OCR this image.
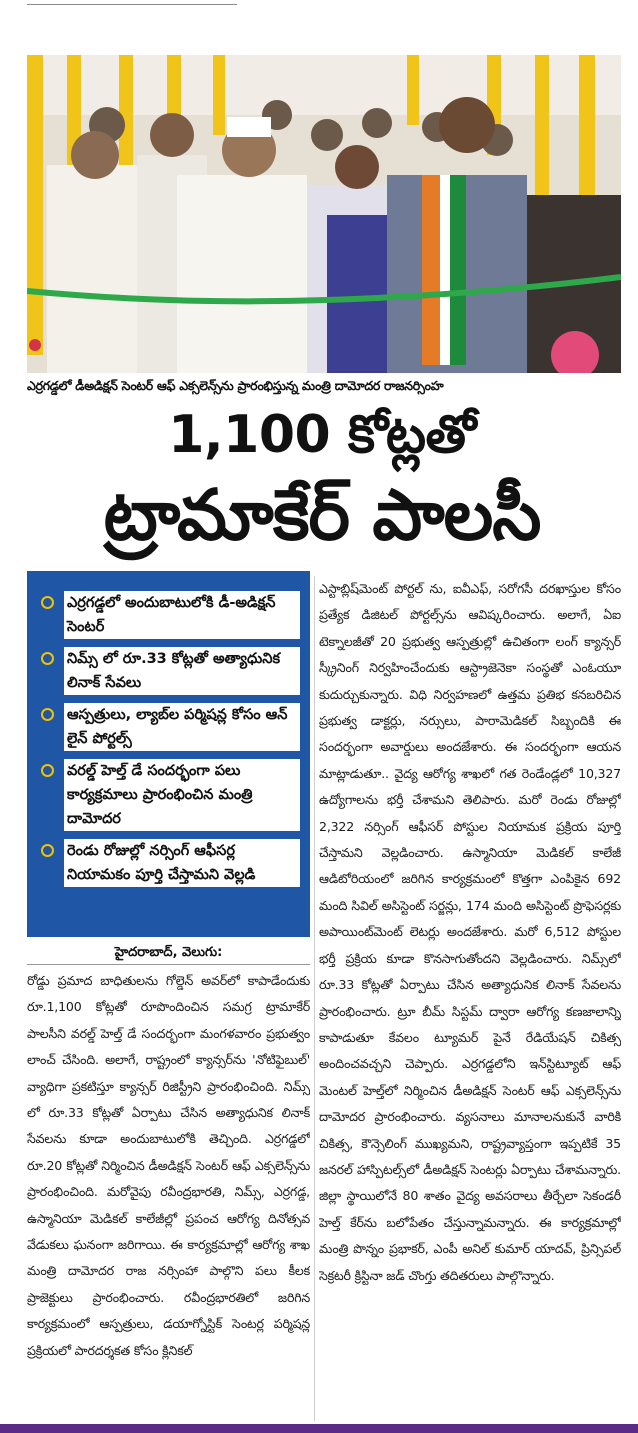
ఎర్రగడ్డలో డీఅడిక్షన్ సెంటర్ ఆఫ్ ఎక్సలెన్స్​ను ప్రారంభిస్తున్న మంత్రి దామోదర రాజనర్సింహ
1,100 కోట్లతో
ట్రామాకేర్ పాలసీ
ఎర్రగడ్డలో అందుబాటులోకి డీ-అడిక్షన్ సెంటర్
నిమ్స్ లో రూ.33 కోట్లతో అత్యాధునిక లినాక్ సేవలు
ఆస్పత్రులు, ల్యాబ్​ల పర్మిషన్ల కోసం ఆన్​లైన్ పోర్టల్స్
వరల్డ్ హెల్త్ డే సందర్భంగా పలు కార్యక్రమాలు ప్రారంభించిన మంత్రి దామోదర
రెండు రోజుల్లో నర్సింగ్ ఆఫీసర్ల నియామకం పూర్తి చేస్తామని వెల్లడి
హైదరాబాద్, వెలుగు:
రోడ్డు ప్రమాద బాధితులను గోల్డెన్ అవర్​లో కాపాడేందుకు రూ.1,100 కోట్లతో రూపొందించిన సమగ్ర ట్రామాకేర్ పాలసీని వరల్డ్ హెల్త్ డే సందర్భంగా మంగళవారం ప్రభుత్వం లాంచ్ చేసింది. అలాగే, రాష్ట్రంలో క్యాన్సర్​ను 'నోటిఫైబుల్' వ్యాధిగా ప్రకటిస్తూ క్యాన్సర్ రిజిస్ట్రీని ప్రారంభించింది. నిమ్స్​లో రూ.33 కోట్లతో ఏర్పాటు చేసిన అత్యాధునిక లినాక్ సేవలను కూడా అందుబాటులోకి తెచ్చింది. ఎర్రగడ్డలో రూ.20 కోట్లతో నిర్మించిన డీఅడిక్షన్ సెంటర్ ఆఫ్ ఎక్సలెన్స్​ను ప్రారంభించింది. మరోవైపు రవీంద్రభారతి, నిమ్స్, ఎర్రగడ్డ, ఉస్మానియా మెడికల్ కాలేజీల్లో ప్రపంచ ఆరోగ్య దినోత్సవ వేడుకలు ఘనంగా జరిగాయి. ఈ కార్యక్రమాల్లో ఆరోగ్య శాఖ మంత్రి దామోదర రాజ నర్సింహా పాల్గొని పలు కీలక ప్రాజెక్టులు ప్రారంభించారు. రవీంద్రభారతిలో జరిగిన కార్యక్రమంలో ఆస్పత్రులు, డయాగ్నోస్టిక్ సెంటర్ల పర్మిషన్ల ప్రక్రియలో పారదర్శకత కోసం క్లినికల్
ఎస్టాబ్లిష్​మెంట్ పోర్టల్ ను, ఐవీఎఫ్, సరోగసీ దరఖాస్తుల కోసం ప్రత్యేక డిజిటల్ పోర్టల్స్​ను ఆవిష్కరించారు. అలాగే, ఏఐ టెక్నాలజీతో 20 ప్రభుత్వ ఆస్పత్రుల్లో ఉచితంగా లంగ్ క్యాన్సర్ స్క్రీనింగ్ నిర్వహించేందుకు ఆస్ట్రాజెనెకా సంస్థతో ఎంఓయూ కుదుర్చుకున్నారు. విధి నిర్వహణలో ఉత్తమ ప్రతిభ కనబరిచిన ప్రభుత్వ డాక్టర్లు, నర్సులు, పారామెడికల్ సిబ్బందికి ఈ సందర్భంగా అవార్డులు అందజేశారు. ఈ సందర్భంగా ఆయన మాట్లాడుతూ.. వైద్య ఆరోగ్య శాఖలో గత రెండేండ్లలో 10,327 ఉద్యోగాలను భర్తీ చేశామని తెలిపారు. మరో రెండు రోజుల్లో 2,322 నర్సింగ్ ఆఫీసర్ పోస్టుల నియామక ప్రక్రియ పూర్తి చేస్తామని వెల్లడించారు. ఉస్మానియా మెడికల్ కాలేజీ ఆడిటోరియంలో జరిగిన కార్యక్రమంలో కొత్తగా ఎంపికైన 692 మంది సివిల్ అసిస్టెంట్ సర్జన్లు, 174 మంది అసిస్టెంట్ ప్రొఫెసర్లకు అపాయింట్​మెంట్ లెటర్లు అందజేశారు. మరో 6,512 పోస్టుల భర్తీ ప్రక్రియ కూడా కొనసాగుతోందని వెల్లడించారు. నిమ్స్​లో రూ.33 కోట్లతో ఏర్పాటు చేసిన అత్యాధునిక లినాక్ సేవలను ప్రారంభించారు. ట్రూ బీమ్ సిస్టమ్ ద్వారా ఆరోగ్య కణజాలాన్ని కాపాడుతూ కేవలం ట్యూమర్ పైనే రేడియేషన్ చికిత్స అందించవచ్చని చెప్పారు. ఎర్రగడ్డలోని ఇన్​స్టిట్యూట్ ఆఫ్ మెంటల్ హెల్త్​లో నిర్మించిన డీఅడిక్షన్ సెంటర్ ఆఫ్ ఎక్సలెన్స్​ను దామోదర ప్రారంభించారు. వ్యసనాలు మానాలనుకునే వారికి చికిత్స, కౌన్సెలింగ్ ముఖ్యమని, రాష్ట్రవ్యాప్తంగా ఇప్పటికే 35 జనరల్ హాస్పిటల్స్​లో డీఅడిక్షన్ సెంటర్లు ఏర్పాటు చేశామన్నారు. జిల్లా స్థాయిలోనే 80 శాతం వైద్య అవసరాలు తీర్చేలా సెకండరీ హెల్త్ కేర్​ను బలోపేతం చేస్తున్నామన్నారు. ఈ కార్యక్రమాల్లో మంత్రి పొన్నం ప్రభాకర్, ఎంపీ అనిల్ కుమార్ యాదవ్, ప్రిన్సిపల్ సెక్రటరీ క్రిస్టినా జడ్ చొంగ్తు తదితరులు పాల్గొన్నారు.
